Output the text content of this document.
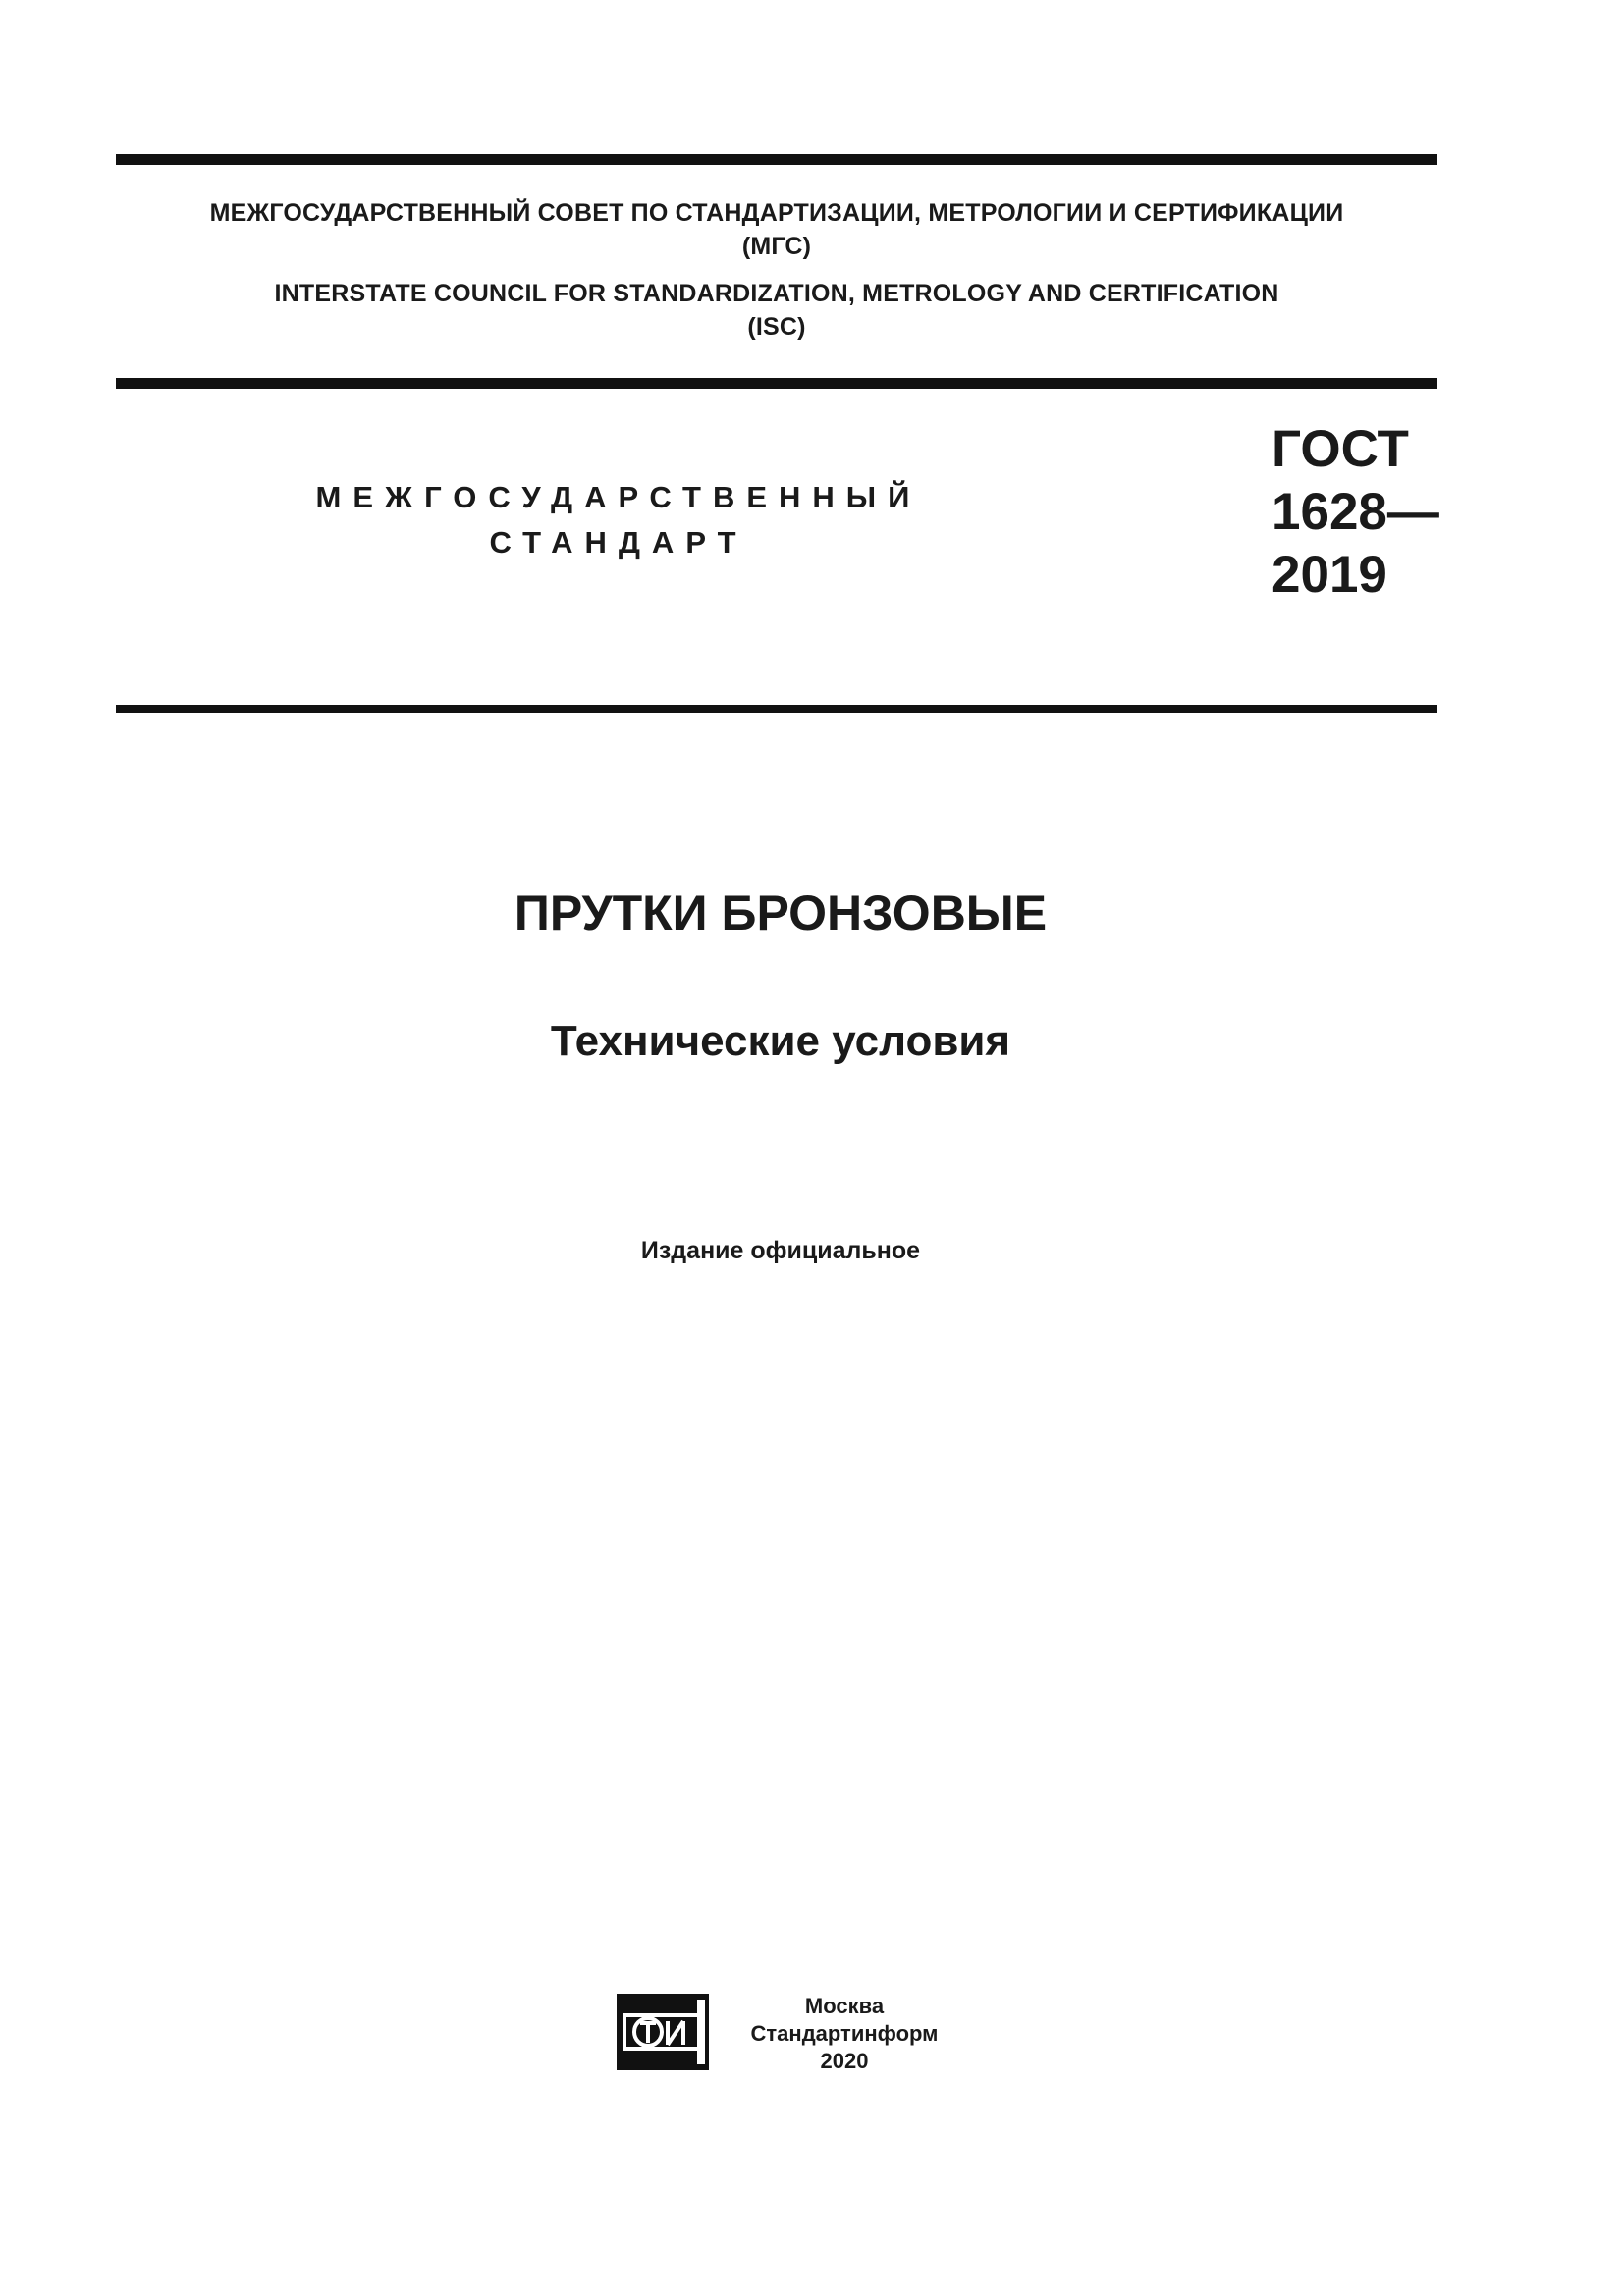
МЕЖГОСУДАРСТВЕННЫЙ СОВЕТ ПО СТАНДАРТИЗАЦИИ, МЕТРОЛОГИИ И СЕРТИФИКАЦИИ
(МГС)
INTERSTATE COUNCIL FOR STANDARDIZATION, METROLOGY AND CERTIFICATION
(ISC)
МЕЖГОСУДАРСТВЕННЫЙ
СТАНДАРТ
ГОСТ
1628—
2019
ПРУТКИ БРОНЗОВЫЕ
Технические условия
Издание официальное
Москва
Стандартинформ
2020
